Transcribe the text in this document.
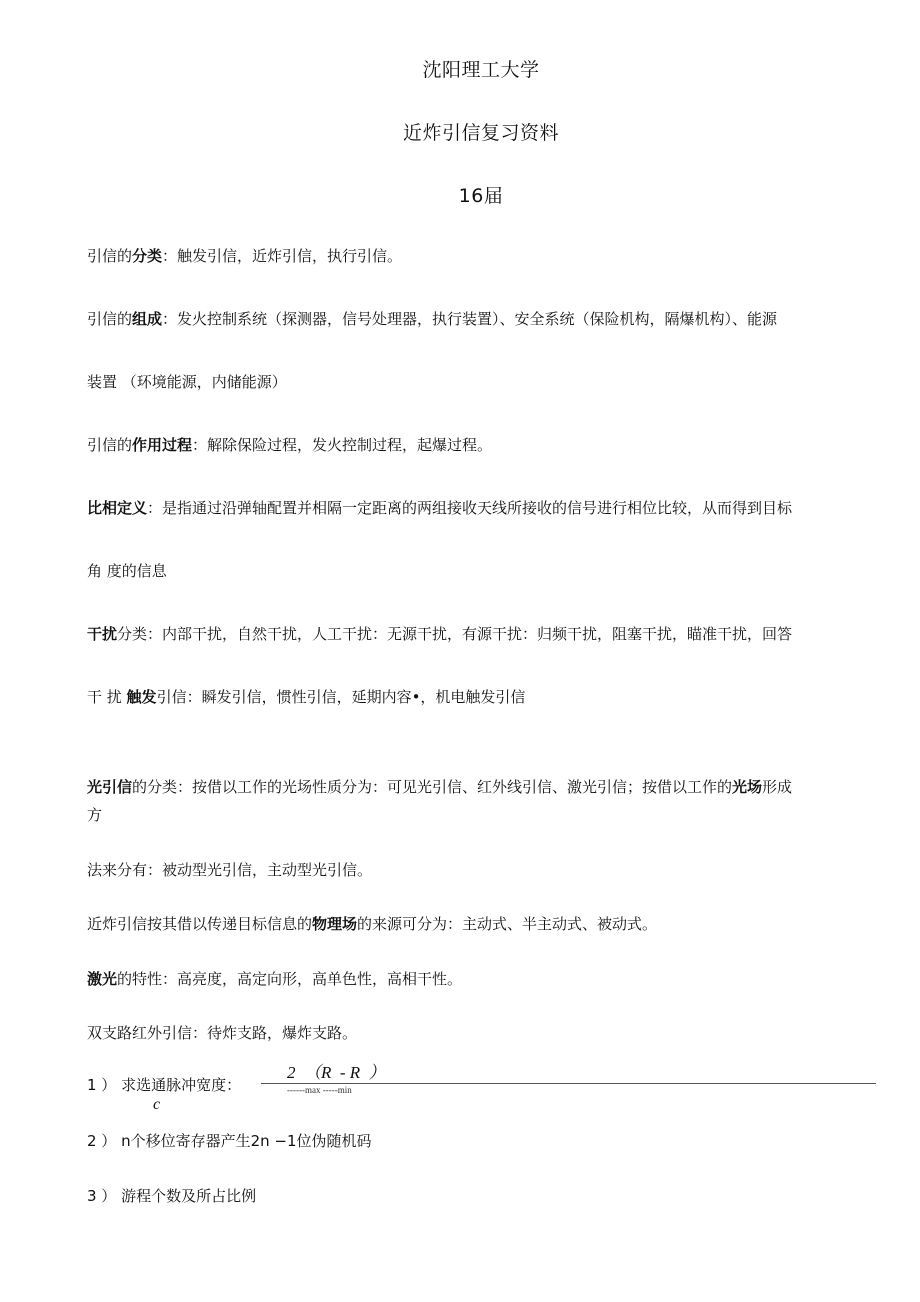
沈阳理工大学
近炸引信复习资料
16届
引信的分类：触发引信，近炸引信，执行引信。
引信的组成：发火控制系统（探测器，信号处理器，执行装置）、安全系统（保险机构，隔爆机构）、能源
装置 （环境能源，内储能源）
引信的作用过程：解除保险过程，发火控制过程，起爆过程。
比相定义：是指通过沿弹轴配置并相隔一定距离的两组接收天线所接收的信号进行相位比较，从而得到目标
角 度的信息
干扰分类：内部干扰，自然干扰，人工干扰：无源干扰，有源干扰：归频干扰，阻塞干扰，瞄准干扰，回答
干 扰 触发引信：瞬发引信，惯性引信，延期内容•，机电触发引信
光引信的分类：按借以工作的光场性质分为：可见光引信、红外线引信、激光引信；按借以工作的光场形成
方
法来分有：被动型光引信，主动型光引信。
近炸引信按其借以传递目标信息的物理场的来源可分为：主动式、半主动式、被动式。
激光的特性：高亮度，高定向形，高单色性，高相干性。
双支路红外引信：待炸支路，爆炸支路。
1 ） 求选通脉冲宽度：
2  （R  - R  ）
------max -----min
c
2 ） n个移位寄存器产生2n −1位伪随机码
3 ） 游程个数及所占比例
